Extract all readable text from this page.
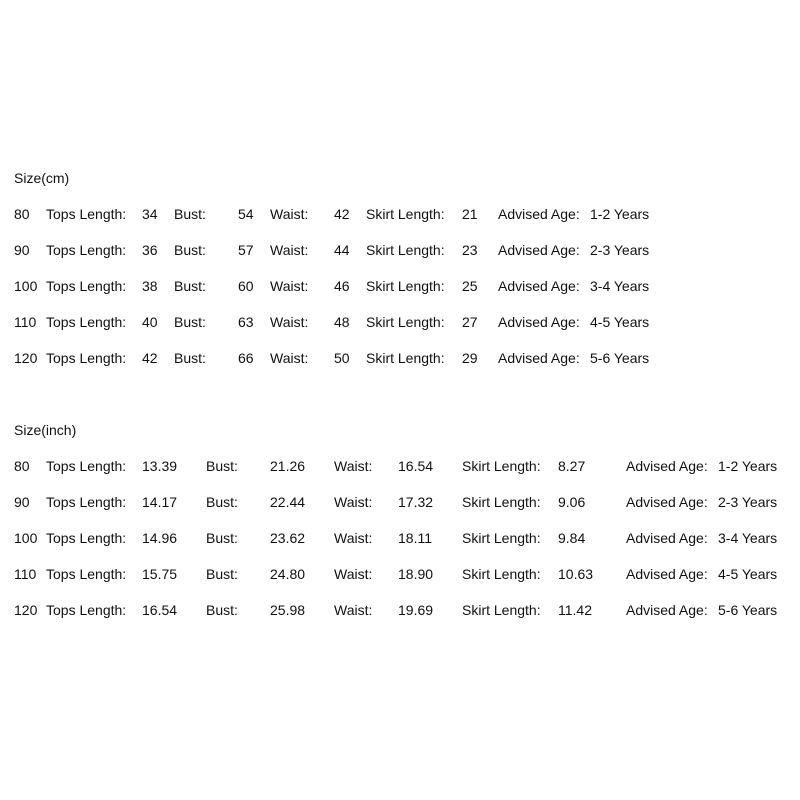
Size(cm)
80 Tops Length: 34 Bust: 54 Waist: 42 Skirt Length: 21 Advised Age: 1-2 Years
90 Tops Length: 36 Bust: 57 Waist: 44 Skirt Length: 23 Advised Age: 2-3 Years
100 Tops Length: 38 Bust: 60 Waist: 46 Skirt Length: 25 Advised Age: 3-4 Years
110 Tops Length: 40 Bust: 63 Waist: 48 Skirt Length: 27 Advised Age: 4-5 Years
120 Tops Length: 42 Bust: 66 Waist: 50 Skirt Length: 29 Advised Age: 5-6 Years
Size(inch)
80 Tops Length: 13.39 Bust: 21.26 Waist: 16.54 Skirt Length: 8.27	Advised Age: 1-2 Years
90 Tops Length: 14.17 Bust: 22.44 Waist: 17.32 Skirt Length: 9.06	Advised Age: 2-3 Years
100 Tops Length: 14.96 Bust: 23.62 Waist: 18.11 Skirt Length: 9.84	Advised Age: 3-4 Years
110 Tops Length: 15.75 Bust: 24.80 Waist: 18.90 Skirt Length: 10.63 Advised Age: 4-5 Years
120 Tops Length: 16.54 Bust: 25.98 Waist: 19.69 Skirt Length: 11.42 Advised Age: 5-6 Years
